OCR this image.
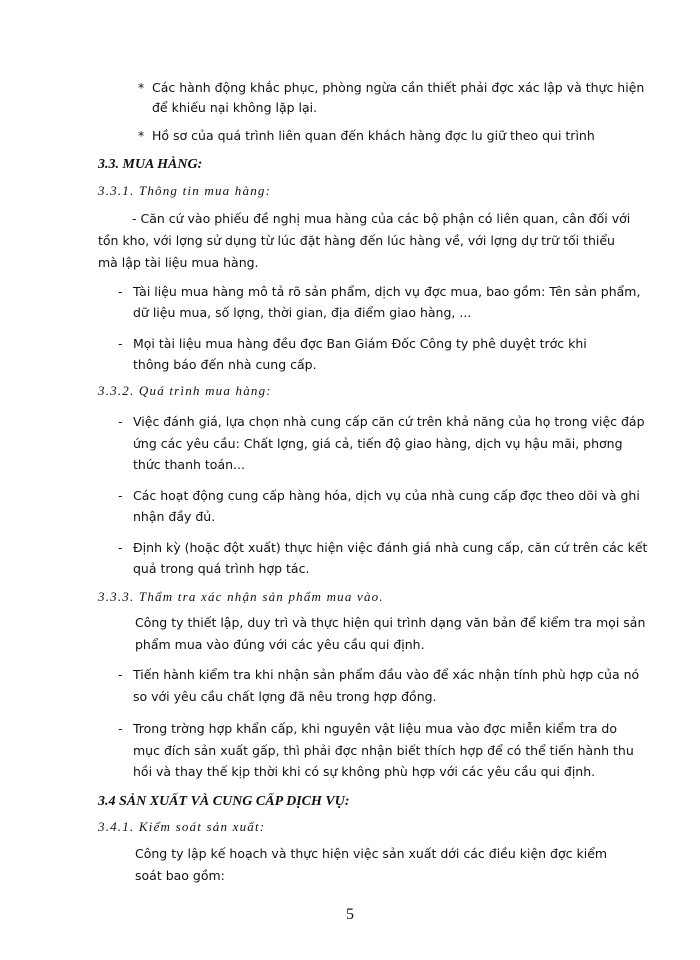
* Các hành động khắc phục, phòng ngừa cần thiết phải đợc xác lập và thực hiện
để khiếu nại không lặp lại.
* Hồ sơ của quá trình liên quan đến khách hàng đợc lu giữ theo qui trình
3.3. MUA HÀNG:
3.3.1. Thông tin mua hàng:
- Căn cứ vào phiếu đề nghị mua hàng của các bộ phận có liên quan, cân đối với
tồn kho, với lợng sử dụng từ lúc đặt hàng đến lúc hàng về, với lợng dự trữ tối thiểu
mà lập tài liệu mua hàng.
- Tài liệu mua hàng mô tả rõ sản phẩm, dịch vụ đợc mua, bao gồm: Tên sản phẩm,
dữ liệu mua, số lợng, thời gian, địa điểm giao hàng, ...
- Mọi tài liệu mua hàng đều đợc Ban Giám Đốc Công ty phê duyệt trớc khi
thông báo đến nhà cung cấp.
3.3.2. Quá trình mua hàng:
- Việc đánh giá, lựa chọn nhà cung cấp căn cứ trên khả năng của họ trong việc đáp
ứng các yêu cầu: Chất lợng, giá cả, tiến độ giao hàng, dịch vụ hậu mãi, phơng
thức thanh toán...
- Các hoạt động cung cấp hàng hóa, dịch vụ của nhà cung cấp đợc theo dõi và ghi
nhận đầy đủ.
- Định kỳ (hoặc đột xuất) thực hiện việc đánh giá nhà cung cấp, căn cứ trên các kết
quả trong quá trình hợp tác.
3.3.3. Thẩm tra xác nhận sản phẩm mua vào.
Công ty thiết lập, duy trì và thực hiện qui trình dạng văn bản để kiểm tra mọi sản
phẩm mua vào đúng với các yêu cầu qui định.
- Tiến hành kiểm tra khi nhận sản phẩm đầu vào để xác nhận tính phù hợp của nó
so với yêu cầu chất lợng đã nêu trong hợp đồng.
- Trong trờng hợp khẩn cấp, khi nguyên vật liệu mua vào đợc miễn kiểm tra do
mục đích sản xuất gấp, thì phải đợc nhận biết thích hợp để có thể tiến hành thu
hồi và thay thế kịp thời khi có sự không phù hợp với các yêu cầu qui định.
3.4 SẢN XUẤT VÀ CUNG CẤP DỊCH VỤ:
3.4.1. Kiểm soát sản xuất:
Công ty lập kế hoạch và thực hiện việc sản xuất dới các điều kiện đợc kiểm
soát bao gồm:
5
